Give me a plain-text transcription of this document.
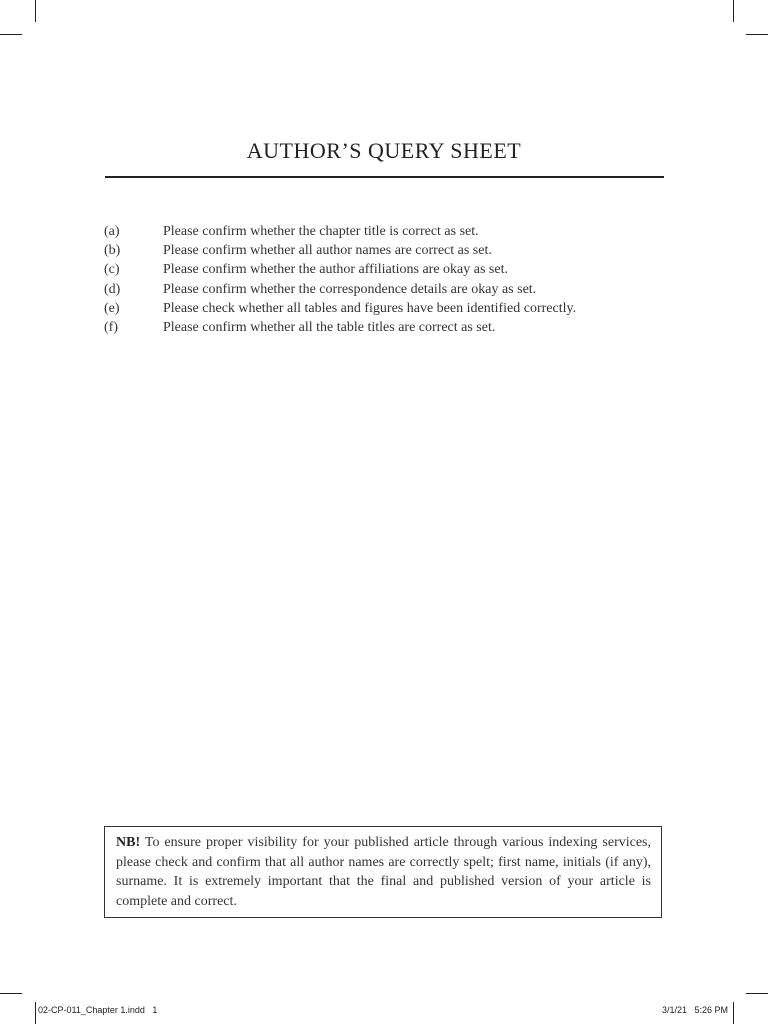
AUTHOR’S QUERY SHEET
(a)	Please confirm whether the chapter title is correct as set.
(b)	Please confirm whether all author names are correct as set.
(c)	Please confirm whether the author affiliations are okay as set.
(d)	Please confirm whether the correspondence details are okay as set.
(e)	Please check whether all tables and figures have been identified correctly.
(f)	Please confirm whether all the table titles are correct as set.
NB! To ensure proper visibility for your published article through various indexing services, please check and confirm that all author names are correctly spelt; first name, initials (if any), surname. It is extremely important that the final and published version of your article is complete and correct.
02-CP-011_Chapter 1.indd   1	3/1/21   5:26 PM
